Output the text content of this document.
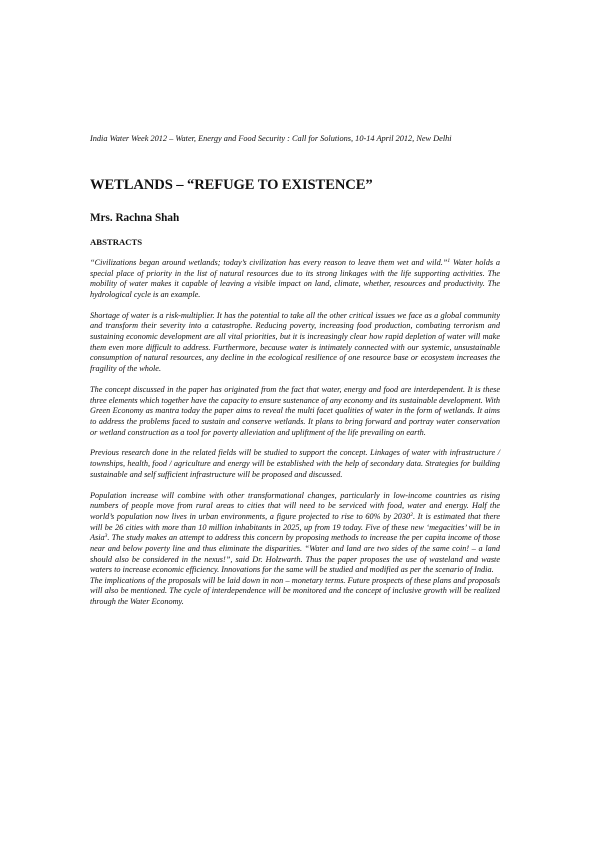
India Water Week 2012 – Water, Energy and Food Security : Call for Solutions, 10-14 April 2012, New Delhi
WETLANDS – “REFUGE TO EXISTENCE”
Mrs. Rachna Shah
ABSTRACTS

“Civilizations began around wetlands; today’s civilization has every reason to leave them wet and wild.”$^1$ Water holds a special place of priority in the list of natural resources due to its strong linkages with the life supporting activities. The mobility of water makes it capable of leaving a visible impact on land, climate, whether, resources and productivity. The hydrological cycle is an example.

Shortage of water is a risk-multiplier. It has the potential to take all the other critical issues we face as a global community and transform their severity into a catastrophe. Reducing poverty, increasing food production, combating terrorism and sustaining economic development are all vital priorities, but it is increasingly clear how rapid depletion of water will make them even more difficult to address. Furthermore, because water is intimately connected with our systemic, unsustainable consumption of natural resources, any decline in the ecological resilience of one resource base or ecosystem increases the fragility of the whole.

The concept discussed in the paper has originated from the fact that water, energy and food are interdependent. It is these three elements which together have the capacity to ensure sustenance of any economy and its sustainable development. With Green Economy as mantra today the paper aims to reveal the multi facet qualities of water in the form of wetlands. It aims to address the problems faced to sustain and conserve wetlands. It plans to bring forward and portray water conservation or wetland construction as a tool for poverty alleviation and upliftment of the life prevailing on earth.

Previous research done in the related fields will be studied to support the concept. Linkages of water with infrastructure / townships, health, food / agriculture and energy will be established with the help of secondary data. Strategies for building sustainable and self sufficient infrastructure will be proposed and discussed.

Population increase will combine with other transformational changes, particularly in low-income countries as rising numbers of people move from rural areas to cities that will need to be serviced with food, water and energy. Half the world’s population now lives in urban environments, a figure projected to rise to 60% by 2030$^2$. It is estimated that there will be 26 cities with more than 10 million inhabitants in 2025, up from 19 today. Five of these new ‘megacities’ will be in Asia$^3$. The study makes an attempt to address this concern by proposing methods to increase the per capita income of those near and below poverty line and thus eliminate the disparities. “Water and land are two sides of the same coin! – a land should also be considered in the nexus!”, said Dr. Holzwarth. Thus the paper proposes the use of wasteland and waste waters to increase economic efficiency. Innovations for the same will be studied and modified as per the scenario of India.

The implications of the proposals will be laid down in non – monetary terms. Future prospects of these plans and proposals will also be mentioned. The cycle of interdependence will be monitored and the concept of inclusive growth will be realized through the Water Economy.
